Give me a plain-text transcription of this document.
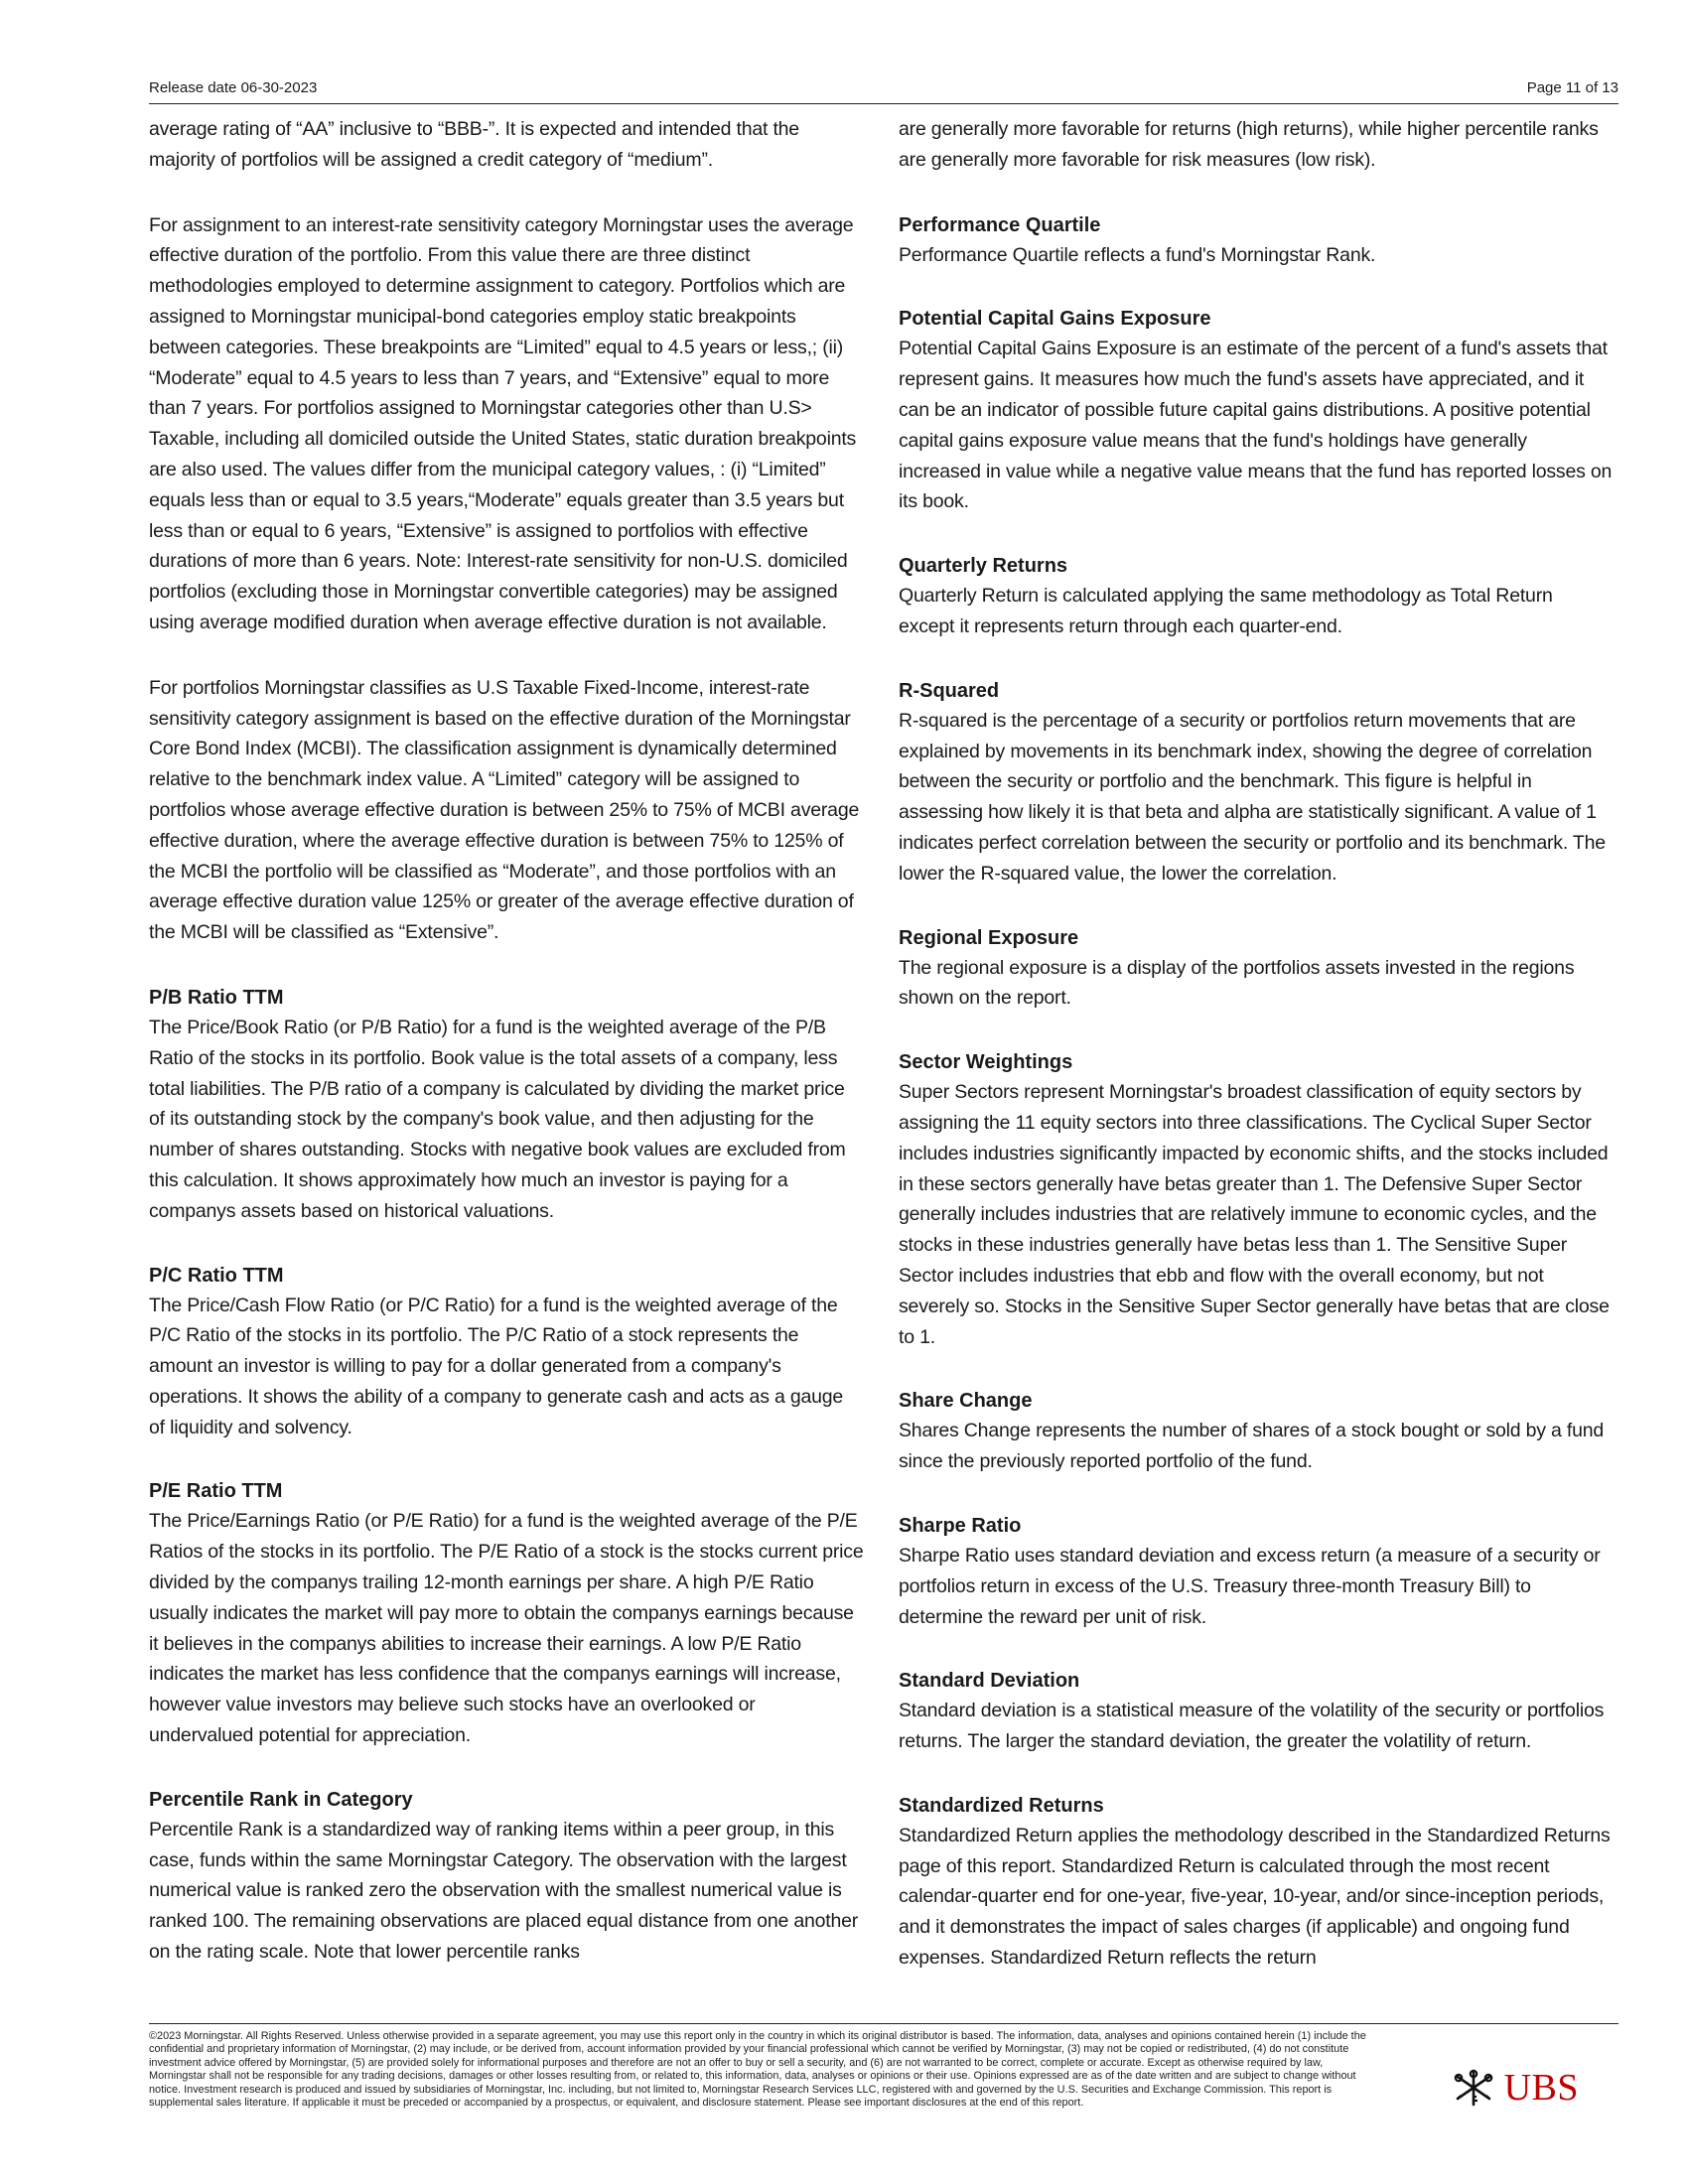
Release date 06-30-2023	Page 11 of 13

average rating of “AA” inclusive to “BBB-”. It is expected and intended that the majority of portfolios will be assigned a credit category of “medium”.

For assignment to an interest-rate sensitivity category Morningstar uses the average effective duration of the portfolio. From this value there are three distinct methodologies employed to determine assignment to category. Portfolios which are assigned to Morningstar municipal-bond categories employ static breakpoints between categories. These breakpoints are “Limited” equal to 4.5 years or less,; (ii) “Moderate” equal to 4.5 years to less than 7 years, and “Extensive” equal to more than 7 years. For portfolios assigned to Morningstar categories other than U.S> Taxable, including all domiciled outside the United States, static duration breakpoints are also used. The values differ from the municipal category values, : (i) “Limited” equals less than or equal to 3.5 years,“Moderate” equals greater than 3.5 years but less than or equal to 6 years, “Extensive” is assigned to portfolios with effective durations of more than 6 years. Note: Interest-rate sensitivity for non-U.S. domiciled portfolios (excluding those in Morningstar convertible categories) may be assigned using average modified duration when average effective duration is not available.

For portfolios Morningstar classifies as U.S Taxable Fixed-Income, interest-rate sensitivity category assignment is based on the effective duration of the Morningstar Core Bond Index (MCBI). The classification assignment is dynamically determined relative to the benchmark index value. A “Limited” category will be assigned to portfolios whose average effective duration is between 25% to 75% of MCBI average effective duration, where the average effective duration is between 75% to 125% of the MCBI the portfolio will be classified as “Moderate”, and those portfolios with an average effective duration value 125% or greater of the average effective duration of the MCBI will be classified as “Extensive”.

P/B Ratio TTM

The Price/Book Ratio (or P/B Ratio) for a fund is the weighted average of the P/B Ratio of the stocks in its portfolio. Book value is the total assets of a company, less total liabilities. The P/B ratio of a company is calculated by dividing the market price of its outstanding stock by the company's book value, and then adjusting for the number of shares outstanding. Stocks with negative book values are excluded from this calculation. It shows approximately how much an investor is paying for a companys assets based on historical valuations.

P/C Ratio TTM

The Price/Cash Flow Ratio (or P/C Ratio) for a fund is the weighted average of the P/C Ratio of the stocks in its portfolio. The P/C Ratio of a stock represents the amount an investor is willing to pay for a dollar generated from a company's operations. It shows the ability of a company to generate cash and acts as a gauge of liquidity and solvency.

P/E Ratio TTM

The Price/Earnings Ratio (or P/E Ratio) for a fund is the weighted average of the P/E Ratios of the stocks in its portfolio. The P/E Ratio of a stock is the stocks current price divided by the companys trailing 12-month earnings per share. A high P/E Ratio usually indicates the market will pay more to obtain the companys earnings because it believes in the companys abilities to increase their earnings. A low P/E Ratio indicates the market has less confidence that the companys earnings will increase, however value investors may believe such stocks have an overlooked or undervalued potential for appreciation.

Percentile Rank in Category

Percentile Rank is a standardized way of ranking items within a peer group, in this case, funds within the same Morningstar Category. The observation with the largest numerical value is ranked zero the observation with the smallest numerical value is ranked 100. The remaining observations are placed equal distance from one another on the rating scale. Note that lower percentile ranks

are generally more favorable for returns (high returns), while higher percentile ranks are generally more favorable for risk measures (low risk).

Performance Quartile

Performance Quartile reflects a fund's Morningstar Rank.

Potential Capital Gains Exposure

Potential Capital Gains Exposure is an estimate of the percent of a fund's assets that represent gains. It measures how much the fund's assets have appreciated, and it can be an indicator of possible future capital gains distributions. A positive potential capital gains exposure value means that the fund's holdings have generally increased in value while a negative value means that the fund has reported losses on its book.

Quarterly Returns

Quarterly Return is calculated applying the same methodology as Total Return except it represents return through each quarter-end.

R-Squared

R-squared is the percentage of a security or portfolios return movements that are explained by movements in its benchmark index, showing the degree of correlation between the security or portfolio and the benchmark. This figure is helpful in assessing how likely it is that beta and alpha are statistically significant. A value of 1 indicates perfect correlation between the security or portfolio and its benchmark. The lower the R-squared value, the lower the correlation.

Regional Exposure

The regional exposure is a display of the portfolios assets invested in the regions shown on the report.

Sector Weightings

Super Sectors represent Morningstar's broadest classification of equity sectors by assigning the 11 equity sectors into three classifications. The Cyclical Super Sector includes industries significantly impacted by economic shifts, and the stocks included in these sectors generally have betas greater than 1. The Defensive Super Sector generally includes industries that are relatively immune to economic cycles, and the stocks in these industries generally have betas less than 1. The Sensitive Super Sector includes industries that ebb and flow with the overall economy, but not severely so. Stocks in the Sensitive Super Sector generally have betas that are close to 1.

Share Change

Shares Change represents the number of shares of a stock bought or sold by a fund since the previously reported portfolio of the fund.

Sharpe Ratio

Sharpe Ratio uses standard deviation and excess return (a measure of a security or portfolios return in excess of the U.S. Treasury three-month Treasury Bill) to determine the reward per unit of risk.

Standard Deviation

Standard deviation is a statistical measure of the volatility of the security or portfolios returns. The larger the standard deviation, the greater the volatility of return.

Standardized Returns

Standardized Return applies the methodology described in the Standardized Returns page of this report. Standardized Return is calculated through the most recent calendar-quarter end for one-year, five-year, 10-year, and/or since-inception periods, and it demonstrates the impact of sales charges (if applicable) and ongoing fund expenses. Standardized Return reflects the return

©2023 Morningstar. All Rights Reserved. Unless otherwise provided in a separate agreement, you may use this report only in the country in which its original distributor is based. The information, data, analyses and opinions contained herein (1) include the confidential and proprietary information of Morningstar, (2) may include, or be derived from, account information provided by your financial professional which cannot be verified by Morningstar, (3) may not be copied or redistributed, (4) do not constitute investment advice offered by Morningstar, (5) are provided solely for informational purposes and therefore are not an offer to buy or sell a security, and (6) are not warranted to be correct, complete or accurate. Except as otherwise required by law, Morningstar shall not be responsible for any trading decisions, damages or other losses resulting from, or related to, this information, data, analyses or opinions or their use. Opinions expressed are as of the date written and are subject to change without notice. Investment research is produced and issued by subsidiaries of Morningstar, Inc. including, but not limited to, Morningstar Research Services LLC, registered with and governed by the U.S. Securities and Exchange Commission. This report is supplemental sales literature. If applicable it must be preceded or accompanied by a prospectus, or equivalent, and disclosure statement. Please see important disclosures at the end of this report.	UBS
